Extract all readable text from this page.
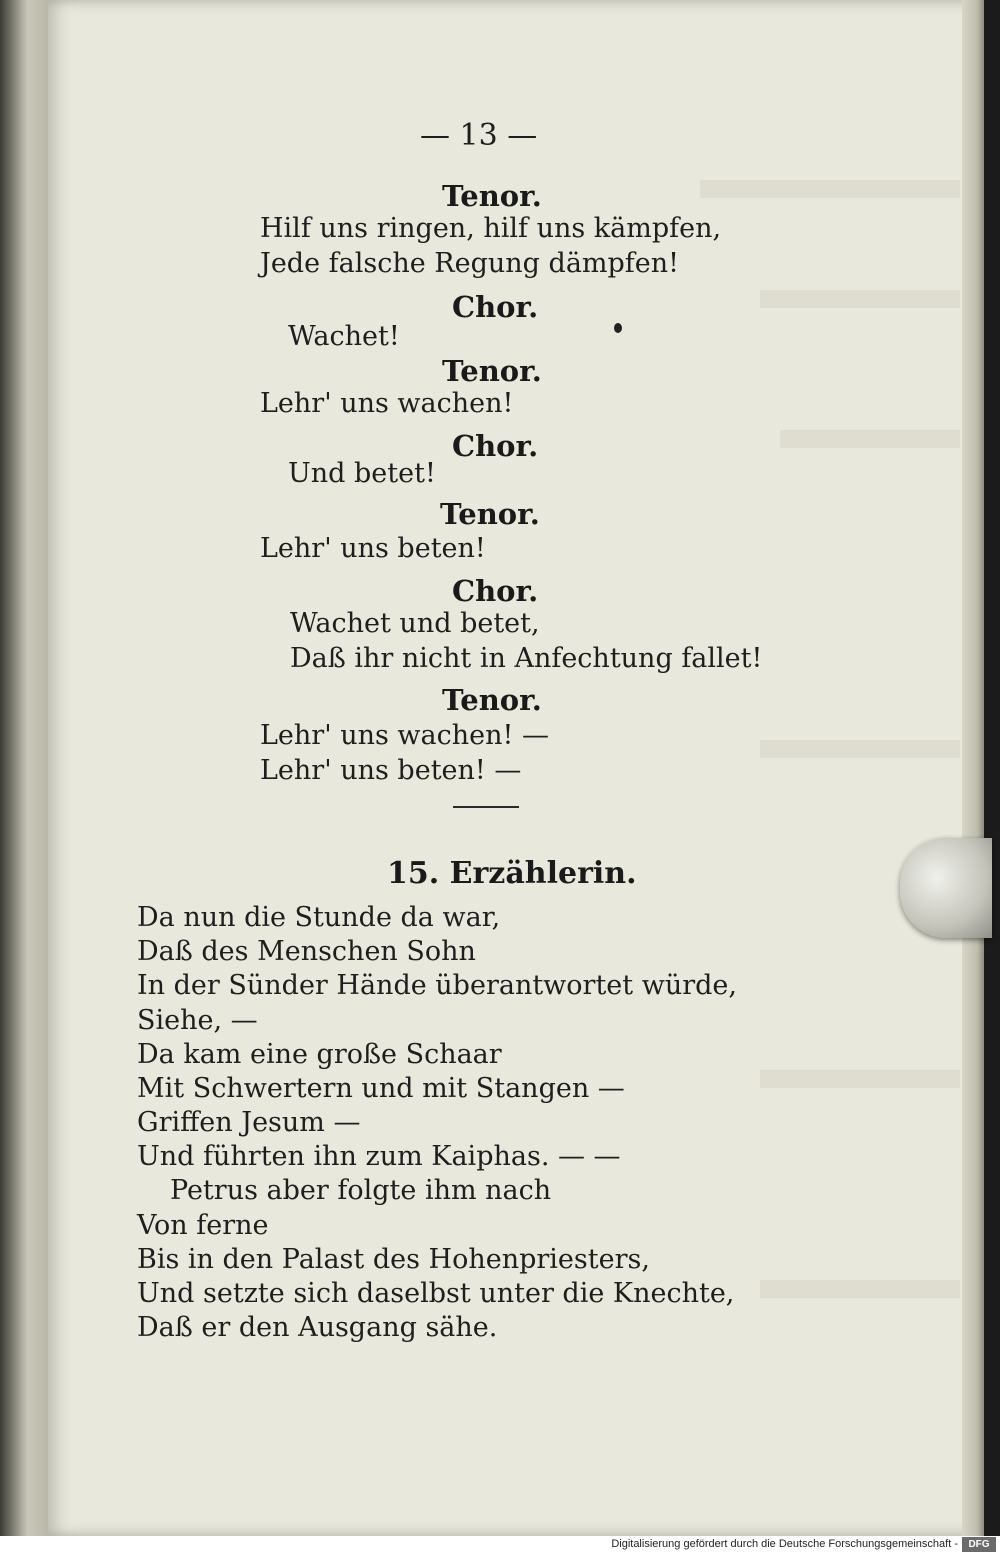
— 13 —
Tenor.
Hilf uns ringen, hilf uns kämpfen,
Jede falsche Regung dämpfen!
Chor.
Wachet!
Tenor.
Lehr' uns wachen!
Chor.
Und betet!
Tenor.
Lehr' uns beten!
Chor.
Wachet und betet,
Daß ihr nicht in Anfechtung fallet!
Tenor.
Lehr' uns wachen! —
Lehr' uns beten! —
15. Erzählerin.
Da nun die Stunde da war,
Daß des Menschen Sohn
In der Sünder Hände überantwortet würde,
Siehe, —
Da kam eine große Schaar
Mit Schwertern und mit Stangen —
Griffen Jesum —
Und führten ihn zum Kaiphas. — —
Petrus aber folgte ihm nach
Von ferne
Bis in den Palast des Hohenpriesters,
Und setzte sich daselbst unter die Knechte,
Daß er den Ausgang sähe.
Digitalisierung gefördert durch die Deutsche Forschungsgemeinschaft -	DFG
